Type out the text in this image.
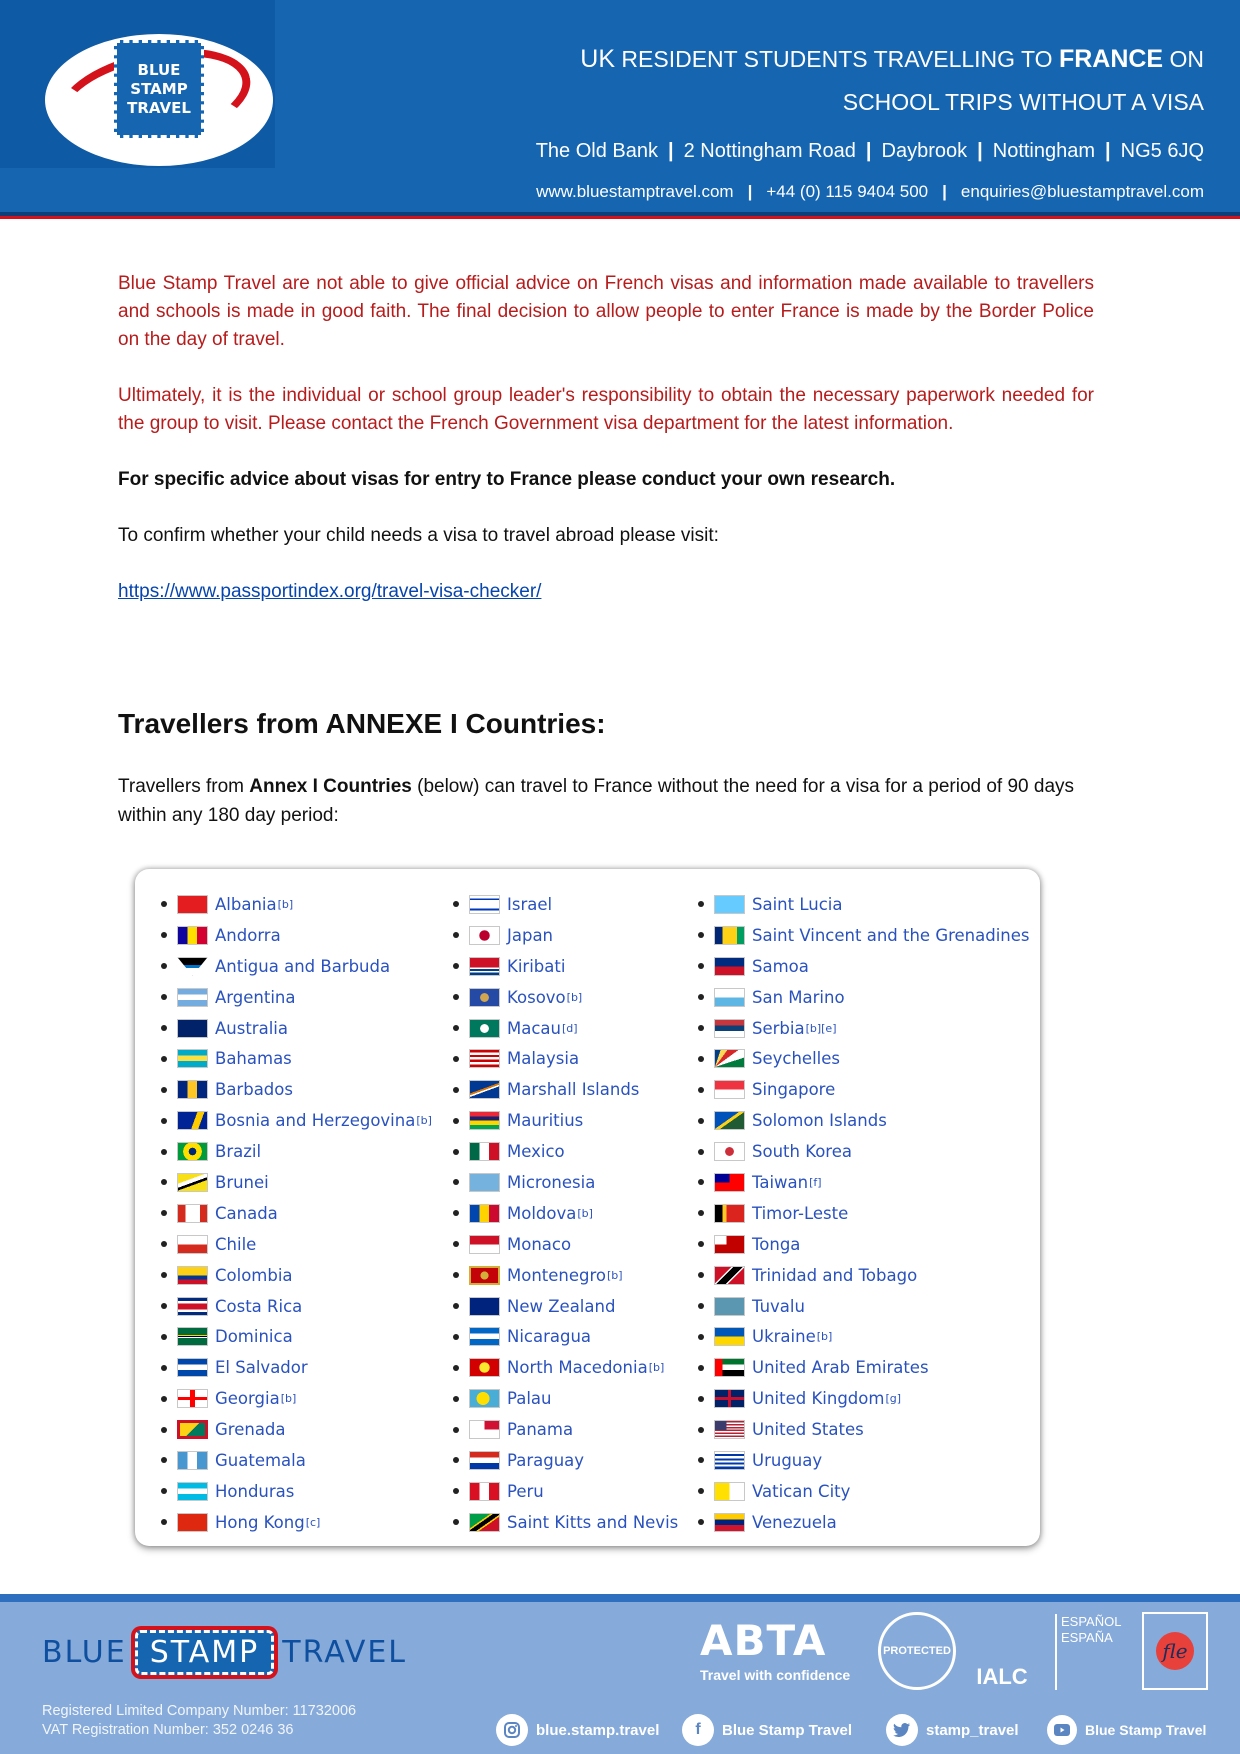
BLUE
STAMP
TRAVEL
UK RESIDENT STUDENTS TRAVELLING TO FRANCE ON
SCHOOL TRIPS WITHOUT A VISA
The Old Bank | 2 Nottingham Road | Daybrook | Nottingham | NG5 6JQ
www.bluestamptravel.com | +44 (0) 115 9404 500 | enquiries@bluestamptravel.com

Blue Stamp Travel are not able to give official advice on French visas and information made available to travellers and schools is made in good faith. The final decision to allow people to enter France is made by the Border Police on the day of travel.

Ultimately, it is the individual or school group leader's responsibility to obtain the necessary paperwork needed for the group to visit. Please contact the French Government visa department for the latest information.

For specific advice about visas for entry to France please conduct your own research.

To confirm whether your child needs a visa to travel abroad please visit:

https://www.passportindex.org/travel-visa-checker/
Travellers from ANNEXE I Countries:
Travellers from Annex I Countries (below) can travel to France without the need for a visa for a period of 90 days within any 180 day period:
Albania [b]
Andorra
Antigua and Barbuda
Argentina
Australia
Bahamas
Barbados
Bosnia and Herzegovina [b]
Brazil
Brunei
Canada
Chile
Colombia
Costa Rica
Dominica
El Salvador
Georgia [b]
Grenada
Guatemala
Honduras
Hong Kong [c]
Israel
Japan
Kiribati
Kosovo [b]
Macau [d]
Malaysia
Marshall Islands
Mauritius
Mexico
Micronesia
Moldova [b]
Monaco
Montenegro [b]
New Zealand
Nicaragua
North Macedonia [b]
Palau
Panama
Paraguay
Peru
Saint Kitts and Nevis
Saint Lucia
Saint Vincent and the Grenadines
Samoa
San Marino
Serbia [b][e]
Seychelles
Singapore
Solomon Islands
South Korea
Taiwan [f]
Timor-Leste
Tonga
Trinidad and Tobago
Tuvalu
Ukraine [b]
United Arab Emirates
United Kingdom [g]
United States
Uruguay
Vatican City
Venezuela
BLUE STAMP TRAVEL
Registered Limited Company Number: 11732006
VAT Registration Number: 352 0246 36
ABTA
Travel with confidence
PROTECTED
IALC
ESPAÑOL
ESPAÑA
fle
blue.stamp.travel	f	Blue Stamp Travel	stamp_travel	Blue Stamp Travel
